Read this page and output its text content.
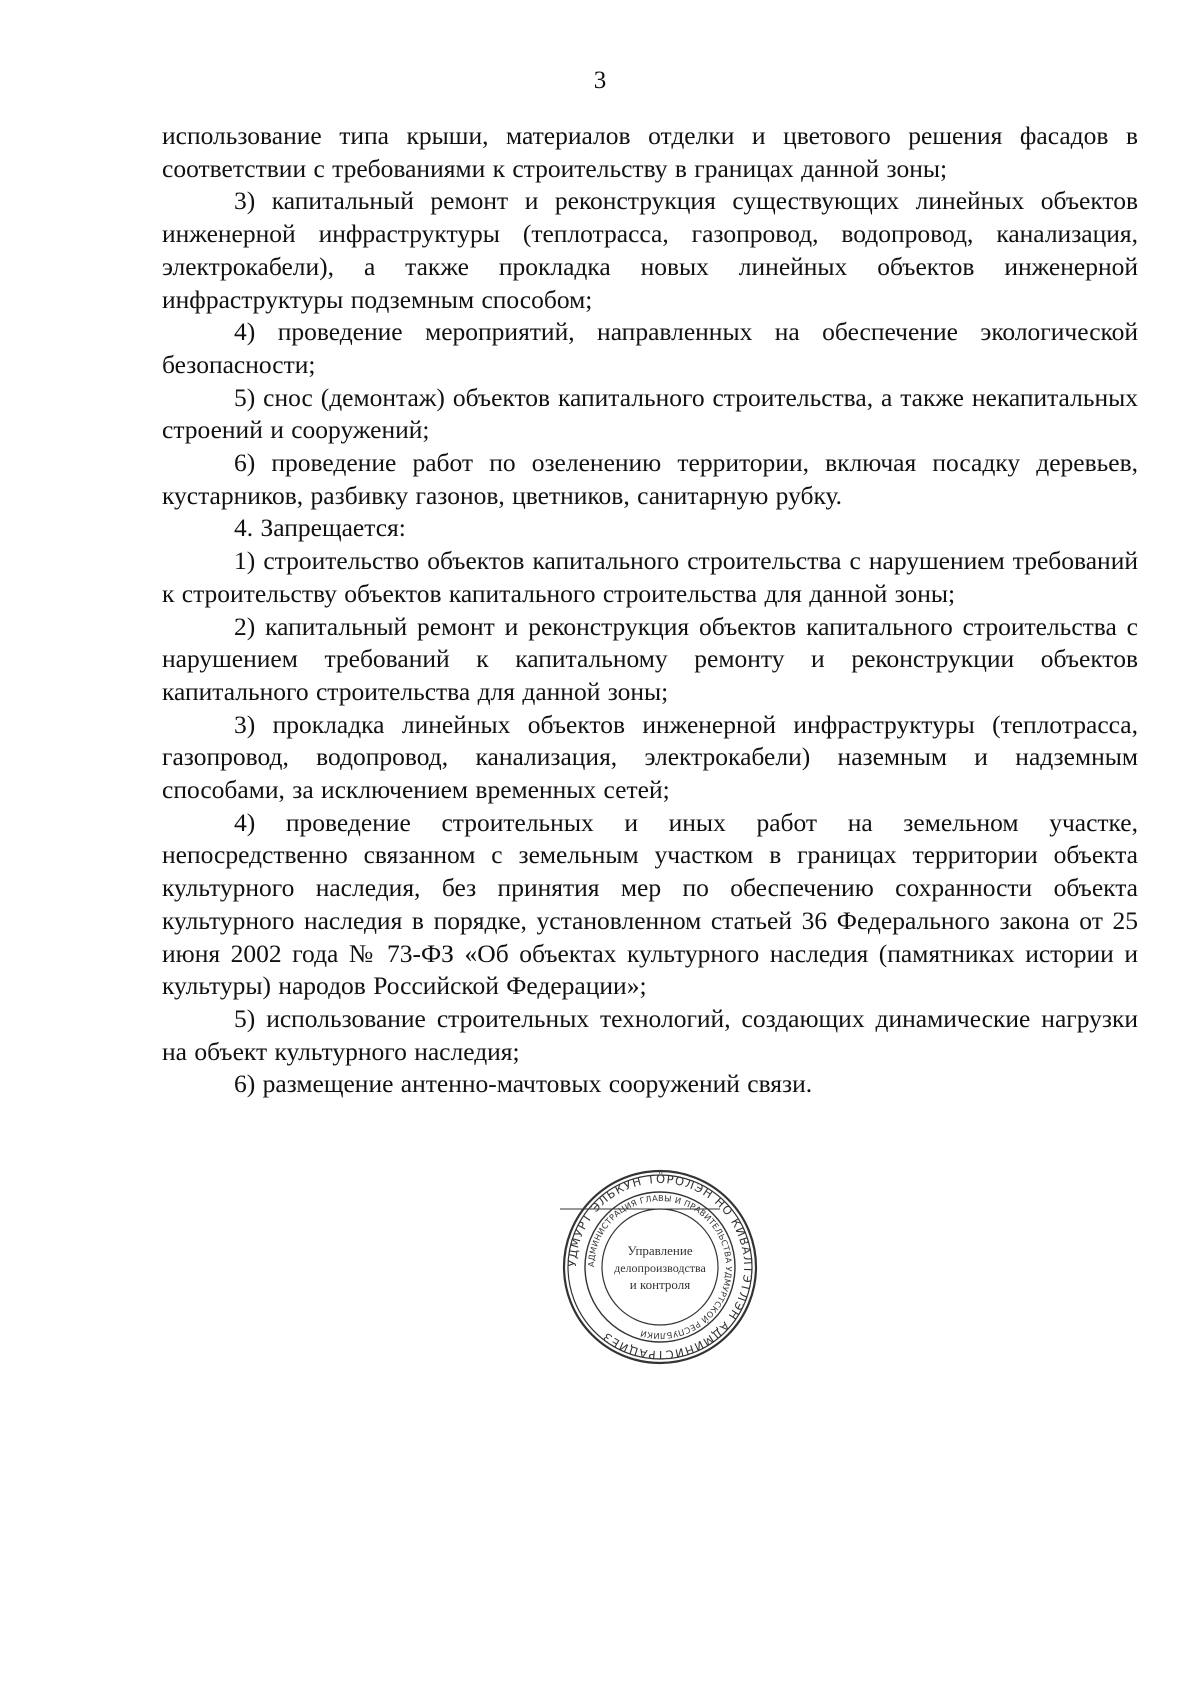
3

использование типа крыши, материалов отделки и цветового решения фасадов в соответствии с требованиями к строительству в границах данной зоны;

3) капитальный ремонт и реконструкция существующих линейных объектов инженерной инфраструктуры (теплотрасса, газопровод, водопровод, канализация, электрокабели), а также прокладка новых линейных объектов инженерной инфраструктуры подземным способом;

4) проведение мероприятий, направленных на обеспечение экологической безопасности;

5) снос (демонтаж) объектов капитального строительства, а также некапитальных строений и сооружений;

6) проведение работ по озеленению территории, включая посадку деревьев, кустарников, разбивку газонов, цветников, санитарную рубку.

4. Запрещается:

1) строительство объектов капитального строительства с нарушением требований к строительству объектов капитального строительства для данной зоны;

2) капитальный ремонт и реконструкция объектов капитального строительства с нарушением требований к капитальному ремонту и реконструкции объектов капитального строительства для данной зоны;

3) прокладка линейных объектов инженерной инфраструктуры (теплотрасса, газопровод, водопровод, канализация, электрокабели) наземным и надземным способами, за исключением временных сетей;

4) проведение строительных и иных работ на земельном участке, непосредственно связанном с земельным участком в границах территории объекта культурного наследия, без принятия мер по обеспечению сохранности объекта культурного наследия в порядке, установленном статьей 36 Федерального закона от 25 июня 2002 года № 73-ФЗ «Об объектах культурного наследия (памятниках истории и культуры) народов Российской Федерации»;

5) использование строительных технологий, создающих динамические нагрузки на объект культурного наследия;

6) размещение антенно-мачтовых сооружений связи.

УДМУРТ ЭЛЬКУН ТӦРОЛЭН НО КИВАЛТЭТЛЭН АДМИНИСТРАЦИЕЗ
АДМИНИСТРАЦИЯ ГЛАВЫ И ПРАВИТЕЛЬСТВА УДМУРТСКОЙ РЕСПУБЛИКИ
Управление
делопроизводства
и контроля
